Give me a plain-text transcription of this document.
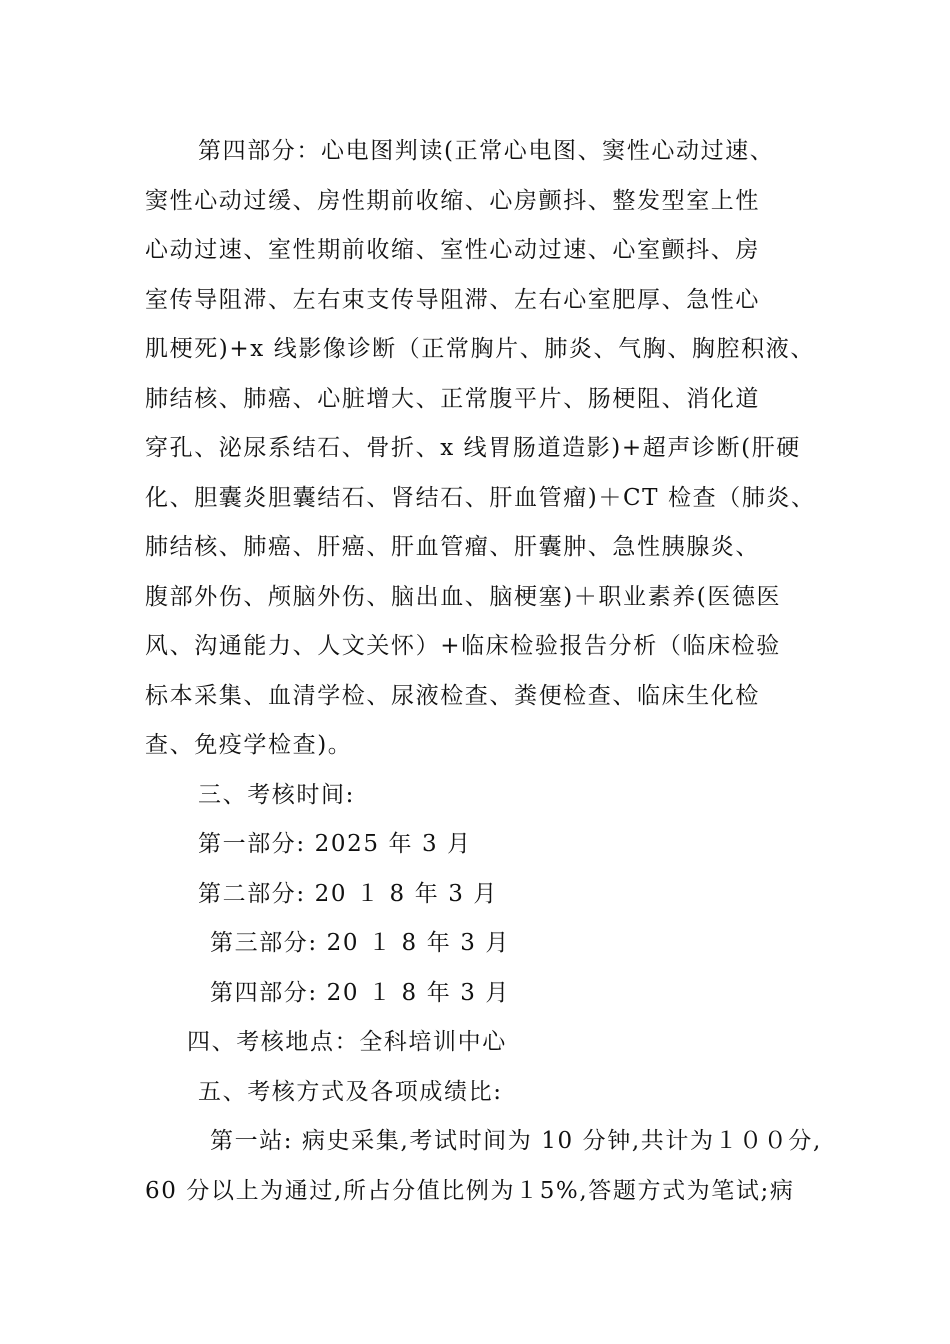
第四部分：心电图判读(正常心电图、窦性心动过速、
窦性心动过缓、房性期前收缩、心房颤抖、整发型室上性
心动过速、室性期前收缩、室性心动过速、心室颤抖、房
室传导阻滞、左右束支传导阻滞、左右心室肥厚、急性心
肌梗死)+x 线影像诊断（正常胸片、肺炎、气胸、胸腔积液、
肺结核、肺癌、心脏增大、正常腹平片、肠梗阻、消化道
穿孔、泌尿系结石、骨折、x 线胃肠道造影)+超声诊断(肝硬
化、胆囊炎胆囊结石、肾结石、肝血管瘤)＋CT 检查（肺炎、
肺结核、肺癌、肝癌、肝血管瘤、肝囊肿、急性胰腺炎、
腹部外伤、颅脑外伤、脑出血、脑梗塞)＋职业素养(医德医
风、沟通能力、人文关怀）+临床检验报告分析（临床检验
标本采集、血清学检、尿液检查、粪便检查、临床生化检
查、免疫学检查)。
三、考核时间:
第一部分: 2025 年 3 月
第二部分: 20 １ 8 年 3 月
第三部分: 20 １ 8 年 3 月
第四部分: 20 １ 8 年 3 月
四、考核地点：全科培训中心
五、考核方式及各项成绩比:
第一站: 病史采集,考试时间为 10 分钟,共计为１００分,
60 分以上为通过,所占分值比例为１5%,答题方式为笔试;病
